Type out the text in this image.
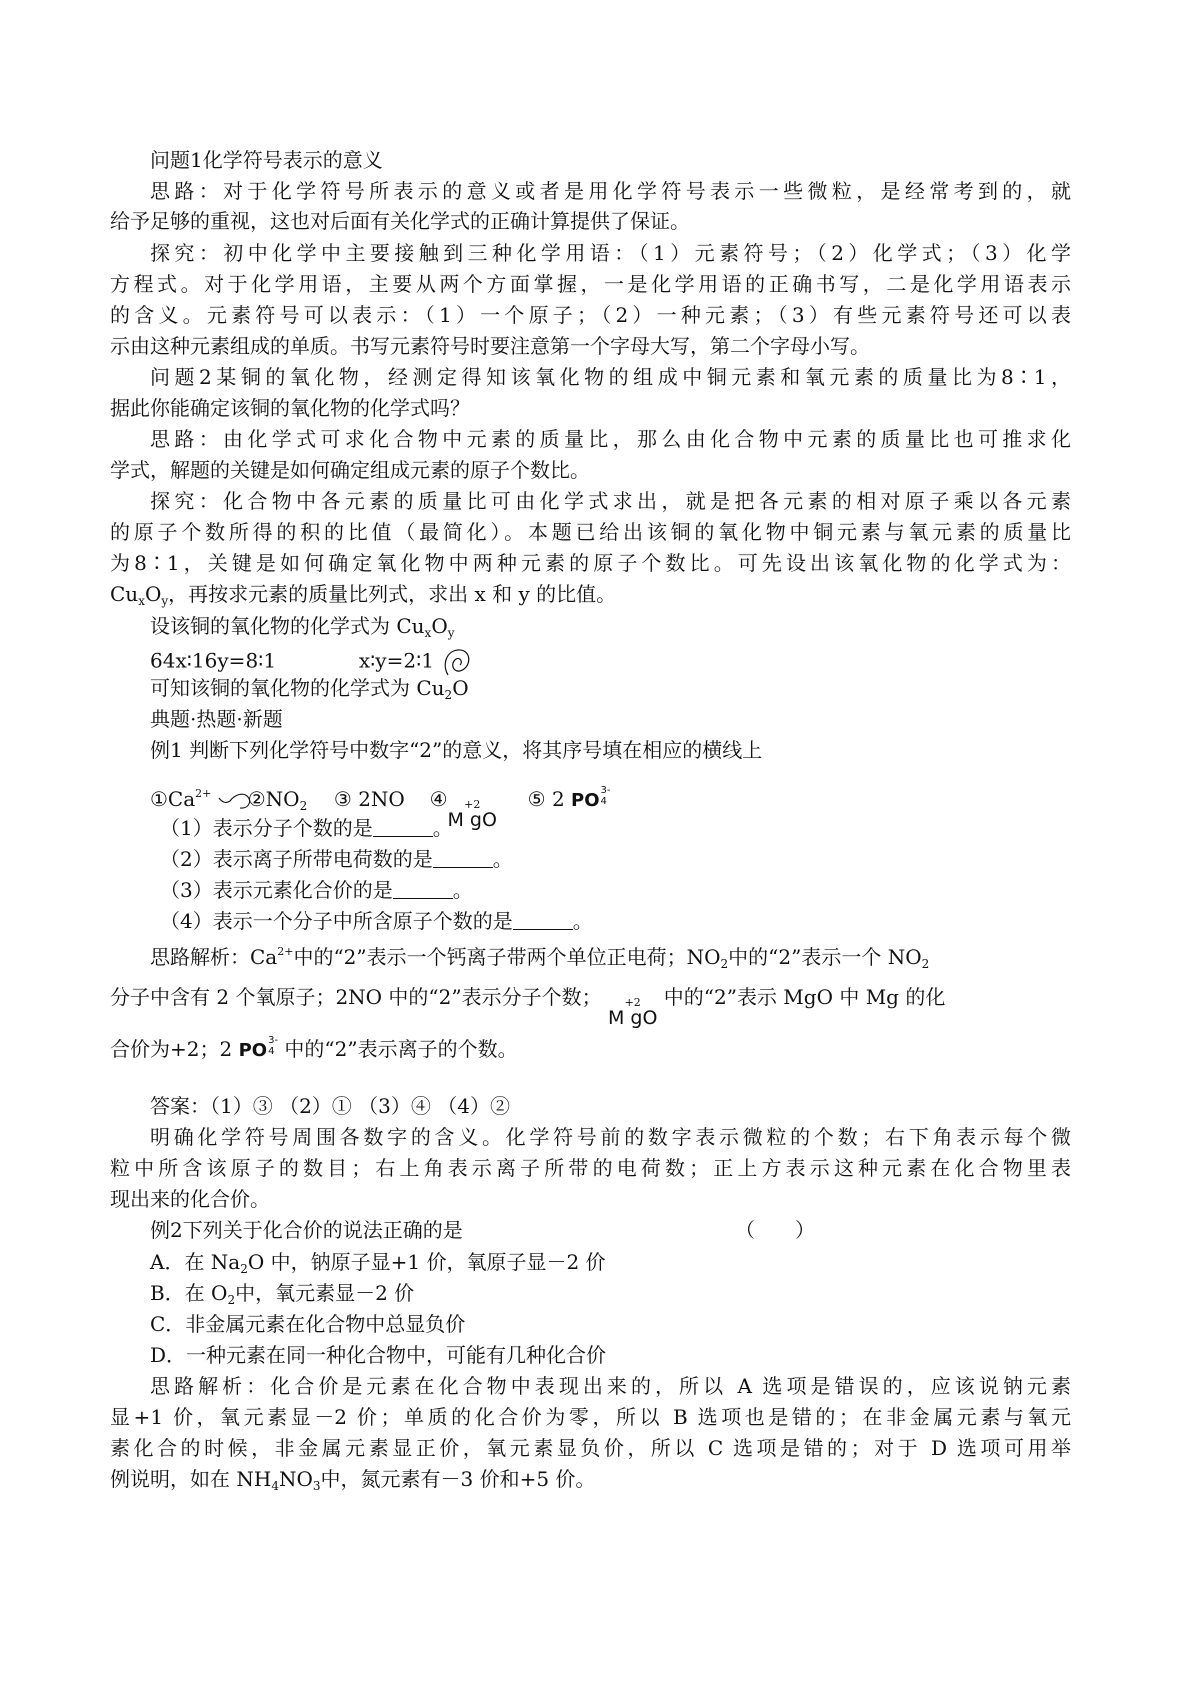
问题1化学符号表示的意义
思路：对于化学符号所表示的意义或者是用化学符号表示一些微粒，是经常考到的，就
给予足够的重视，这也对后面有关化学式的正确计算提供了保证。
探究：初中化学中主要接触到三种化学用语：（1）元素符号；（2）化学式；（3）化学
方程式。对于化学用语，主要从两个方面掌握，一是化学用语的正确书写，二是化学用语表示
的含义。元素符号可以表示：（1）一个原子；（2）一种元素；（3）有些元素符号还可以表
示由这种元素组成的单质。书写元素符号时要注意第一个字母大写，第二个字母小写。
问题2某铜的氧化物，经测定得知该氧化物的组成中铜元素和氧元素的质量比为8∶1，
据此你能确定该铜的氧化物的化学式吗？
思路：由化学式可求化合物中元素的质量比，那么由化合物中元素的质量比也可推求化
学式，解题的关键是如何确定组成元素的原子个数比。
探究：化合物中各元素的质量比可由化学式求出，就是把各元素的相对原子乘以各元素
的原子个数所得的积的比值（最简化）。本题已给出该铜的氧化物中铜元素与氧元素的质量比
为8∶1，关键是如何确定氧化物中两种元素的原子个数比。可先设出该氧化物的化学式为：
$Cu_xO_y$，再按求元素的质量比列式，求出 x 和 y 的比值。
设该铜的氧化物的化学式为 $Cu_xO_y$
64x∶16y=8∶1	x∶y=2∶1
可知该铜的氧化物的化学式为 $Cu_2O$
典题·热题·新题
例1 判断下列化学符号中数字“2”的意义，将其序号填在相应的横线上
$①Ca^{2+}$ $②NO_2$ ③ 2NO ④ +2
M gO
⑤ 2 PO 3-
4
（1）表示分子个数的是	。
（2）表示离子所带电荷数的是	。
（3）表示元素化合价的是	。
（4）表示一个分子中所含原子个数的是	。
思路解析：$Ca^{2+}$中的“2”表示一个钙离子带两个单位正电荷；$NO_2$中的“2”表示一个 $NO_2$
分子中含有 2 个氧原子；2NO 中的“2”表示分子个数； +2
M gO
中的“2”表示 MgO 中 Mg 的化
合价为+2；2 PO 3-
4 中的“2”表示离子的个数。
答案：（1）③ （2）① （3）④ （4）②
明确化学符号周围各数字的含义。化学符号前的数字表示微粒的个数；右下角表示每个微
粒中所含该原子的数目；右上角表示离子所带的电荷数；正上方表示这种元素在化合物里表
现出来的化合价。
例2下列关于化合价的说法正确的是	（　　）
A．在 $Na_2O$ 中，钠原子显+1 价，氧原子显－2 价
B．在 $O_2$中，氧元素显－2 价
C．非金属元素在化合物中总显负价
D．一种元素在同一种化合物中，可能有几种化合价
思路解析：化合价是元素在化合物中表现出来的，所以 A 选项是错误的，应该说钠元素
显+1 价，氧元素显－2 价；单质的化合价为零，所以 B 选项也是错的；在非金属元素与氧元
素化合的时候，非金属元素显正价，氧元素显负价，所以 C 选项是错的；对于 D 选项可用举
例说明，如在 $NH_4NO_3$中，氮元素有－3 价和+5 价。
